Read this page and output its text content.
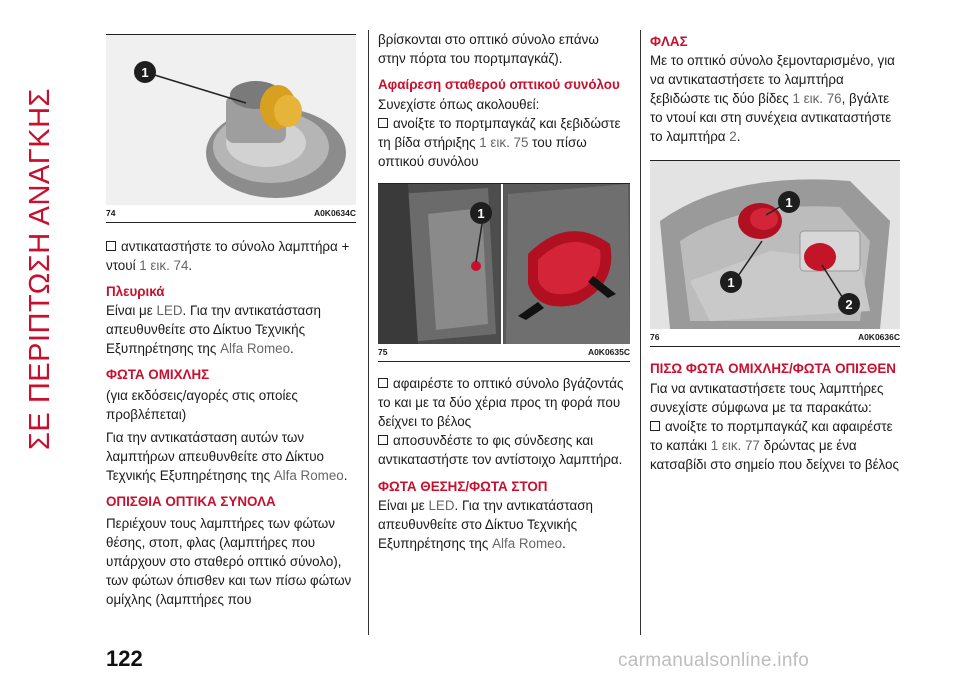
ΣΕ ΠΕΡΙΠΤΩΣΗ ΑΝΑΓΚΗΣ
1
74	A0K0634C

αντικαταστήστε το σύνολο λαμπτήρα + ντουί 1 εικ. 74.

Πλευρικά

Είναι με LED. Για την αντικατάσταση απευθυνθείτε στο Δίκτυο Τεχνικής Εξυπηρέτησης της Alfa Romeo.

ΦΩΤΑ ΟΜΙΧΛΗΣ

(για εκδόσεις/αγορές στις οποίες προβλέπεται)

Για την αντικατάσταση αυτών των λαμπτήρων απευθυνθείτε στο Δίκτυο Τεχνικής Εξυπηρέτησης της Alfa Romeo.

ΟΠΙΣΘΙΑ ΟΠΤΙΚΑ ΣΥΝΟΛΑ

Περιέχουν τους λαμπτήρες των φώτων θέσης, στοπ, φλας (λαμπτήρες που υπάρχουν στο σταθερό οπτικό σύνολο), των φώτων όπισθεν και των πίσω φώτων ομίχλης (λαμπτήρες που

βρίσκονται στο οπτικό σύνολο επάνω στην πόρτα του πορτμπαγκάζ).

Αφαίρεση σταθερού οπτικού συνόλου

Συνεχίστε όπως ακολουθεί:

ανοίξτε το πορτμπαγκάζ και ξεβιδώστε τη βίδα στήριξης 1 εικ. 75 του πίσω οπτικού συνόλου

1
75	A0K0635C

αφαιρέστε το οπτικό σύνολο βγάζοντάς το και με τα δύο χέρια προς τη φορά που δείχνει το βέλος

αποσυνδέστε το φις σύνδεσης και αντικαταστήστε τον αντίστοιχο λαμπτήρα.

ΦΩΤΑ ΘΕΣΗΣ/ΦΩΤΑ ΣΤΟΠ

Είναι με LED. Για την αντικατάσταση απευθυνθείτε στο Δίκτυο Τεχνικής Εξυπηρέτησης της Alfa Romeo.

ΦΛΑΣ

Με το οπτικό σύνολο ξεμονταρισμένο, για να αντικαταστήσετε το λαμπτήρα ξεβιδώστε τις δύο βίδες 1 εικ. 76, βγάλτε το ντουί και στη συνέχεια αντικαταστήστε το λαμπτήρα 2.

1
1
2
76	A0K0636C
ΠΙΣΩ ΦΩΤΑ ΟΜΙΧΛΗΣ/ΦΩΤΑ ΟΠΙΣΘΕΝ

Για να αντικαταστήσετε τους λαμπτήρες συνεχίστε σύμφωνα με τα παρακάτω:

ανοίξτε το πορτμπαγκάζ και αφαιρέστε το καπάκι 1 εικ. 77 δρώντας με ένα κατσαβίδι στο σημείο που δείχνει το βέλος

122	carmanualsonline.info
